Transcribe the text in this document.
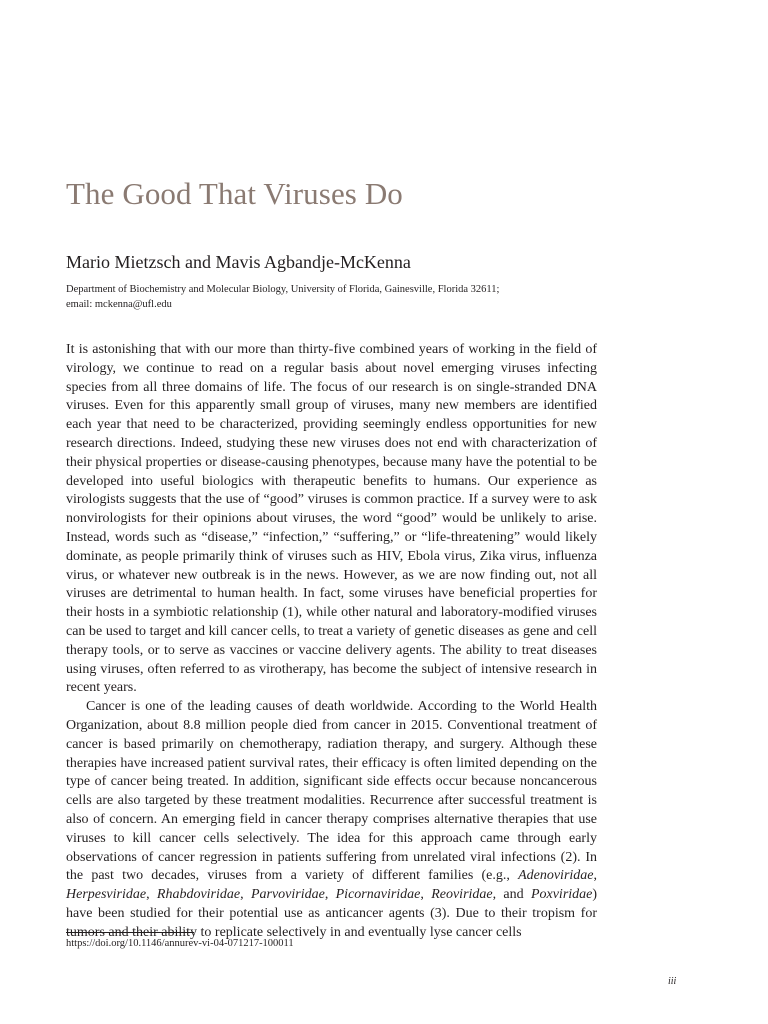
The Good That Viruses Do
Mario Mietzsch and Mavis Agbandje-McKenna
Department of Biochemistry and Molecular Biology, University of Florida, Gainesville, Florida 32611;
email: mckenna@ufl.edu

It is astonishing that with our more than thirty-five combined years of working in the field of virology, we continue to read on a regular basis about novel emerging viruses infecting species from all three domains of life. The focus of our research is on single-stranded DNA viruses. Even for this apparently small group of viruses, many new members are identified each year that need to be characterized, providing seemingly endless opportunities for new research directions. Indeed, studying these new viruses does not end with characterization of their physical properties or disease-causing phenotypes, because many have the potential to be developed into useful biologics with therapeutic benefits to humans. Our experience as virologists suggests that the use of “good” viruses is common practice. If a survey were to ask nonvirologists for their opinions about viruses, the word “good” would be unlikely to arise. Instead, words such as “disease,” “infection,” “suffering,” or “life-threatening” would likely dominate, as people primarily think of viruses such as HIV, Ebola virus, Zika virus, influenza virus, or whatever new outbreak is in the news. However, as we are now finding out, not all viruses are detrimental to human health. In fact, some viruses have beneficial properties for their hosts in a symbiotic relationship (1), while other natural and laboratory-modified viruses can be used to target and kill cancer cells, to treat a variety of genetic diseases as gene and cell therapy tools, or to serve as vaccines or vaccine delivery agents. The ability to treat diseases using viruses, often referred to as virotherapy, has become the subject of intensive research in recent years.

Cancer is one of the leading causes of death worldwide. According to the World Health Organization, about 8.8 million people died from cancer in 2015. Conventional treatment of cancer is based primarily on chemotherapy, radiation therapy, and surgery. Although these therapies have increased patient survival rates, their efficacy is often limited depending on the type of cancer being treated. In addition, significant side effects occur because noncancerous cells are also targeted by these treatment modalities. Recurrence after successful treatment is also of concern. An emerging field in cancer therapy comprises alternative therapies that use viruses to kill cancer cells selectively. The idea for this approach came through early observations of cancer regression in patients suffering from unrelated viral infections (2). In the past two decades, viruses from a variety of different families (e.g., Adenoviridae, Herpesviridae, Rhabdoviridae, Parvoviridae, Picornaviridae, Reoviridae, and Poxviridae) have been studied for their potential use as anticancer agents (3). Due to their tropism for tumors and their ability to replicate selectively in and eventually lyse cancer cells

https://doi.org/10.1146/annurev-vi-04-071217-100011
iii
